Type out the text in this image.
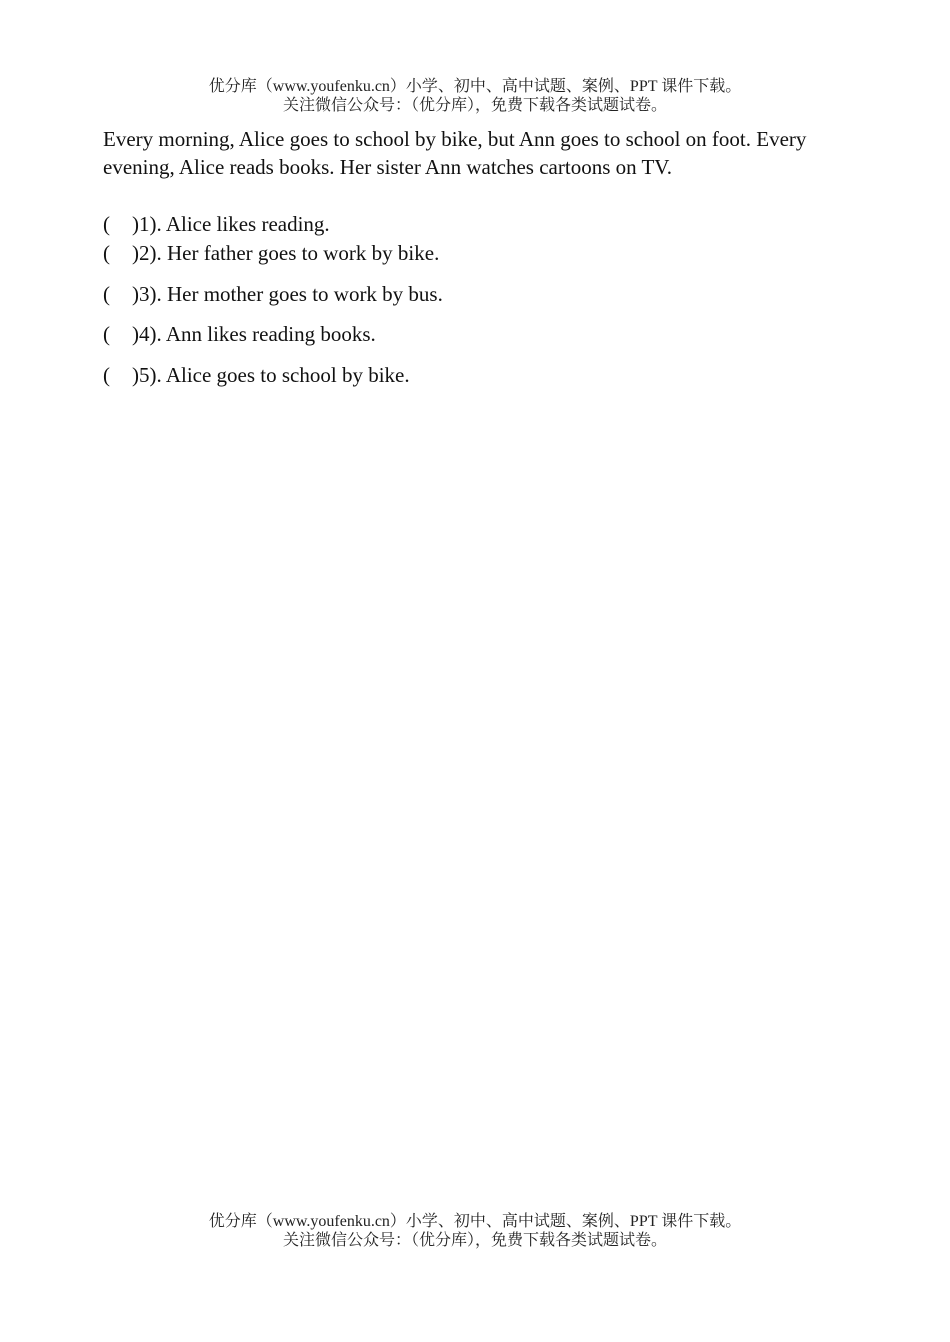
优分库（www.youfenku.cn）小学、初中、高中试题、案例、PPT 课件下载。
关注微信公众号：（优分库），免费下载各类试题试卷。

Every morning, Alice goes to school by bike, but Ann goes to school on foot. Every evening, Alice reads books. Her sister Ann watches cartoons on TV.

( )1). Alice likes reading.
( )2). Her father goes to work by bike.
( )3). Her mother goes to work by bus.
( )4). Ann likes reading books.
( )5). Alice goes to school by bike.
优分库（www.youfenku.cn）小学、初中、高中试题、案例、PPT 课件下载。
关注微信公众号：（优分库），免费下载各类试题试卷。
